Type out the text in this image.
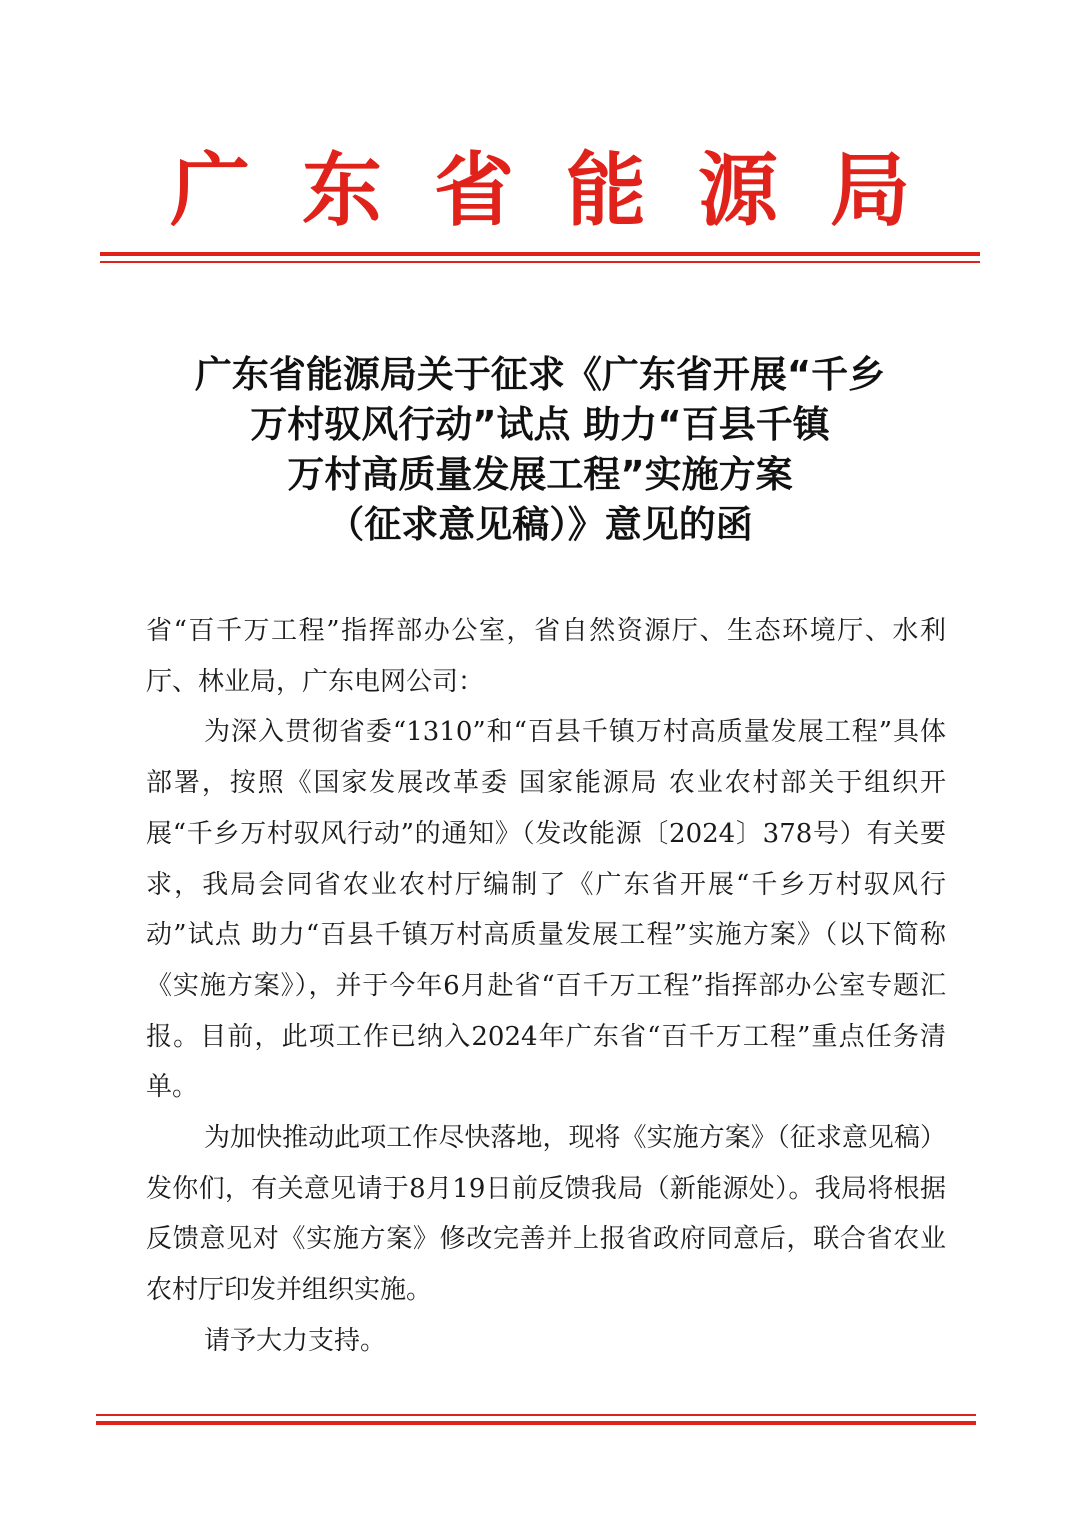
广 东 省 能 源 局
广东省能源局关于征求《广东省开展“千乡
万村驭风行动”试点 助力“百县千镇
万村高质量发展工程”实施方案
（征求意见稿）》意见的函

省“百千万工程”指挥部办公室，省自然资源厅、生态环境厅、水利厅、林业局，广东电网公司：

为深入贯彻省委“1310”和“百县千镇万村高质量发展工程”具体部署，按照《国家发展改革委 国家能源局 农业农村部关于组织开展“千乡万村驭风行动”的通知》（发改能源〔2024〕378号）有关要求，我局会同省农业农村厅编制了《广东省开展“千乡万村驭风行动”试点 助力“百县千镇万村高质量发展工程”实施方案》（以下简称《实施方案》），并于今年6月赴省“百千万工程”指挥部办公室专题汇报。目前，此项工作已纳入2024年广东省“百千万工程”重点任务清单。

为加快推动此项工作尽快落地，现将《实施方案》（征求意见稿）发你们，有关意见请于8月19日前反馈我局（新能源处）。我局将根据反馈意见对《实施方案》修改完善并上报省政府同意后，联合省农业农村厅印发并组织实施。

请予大力支持。
